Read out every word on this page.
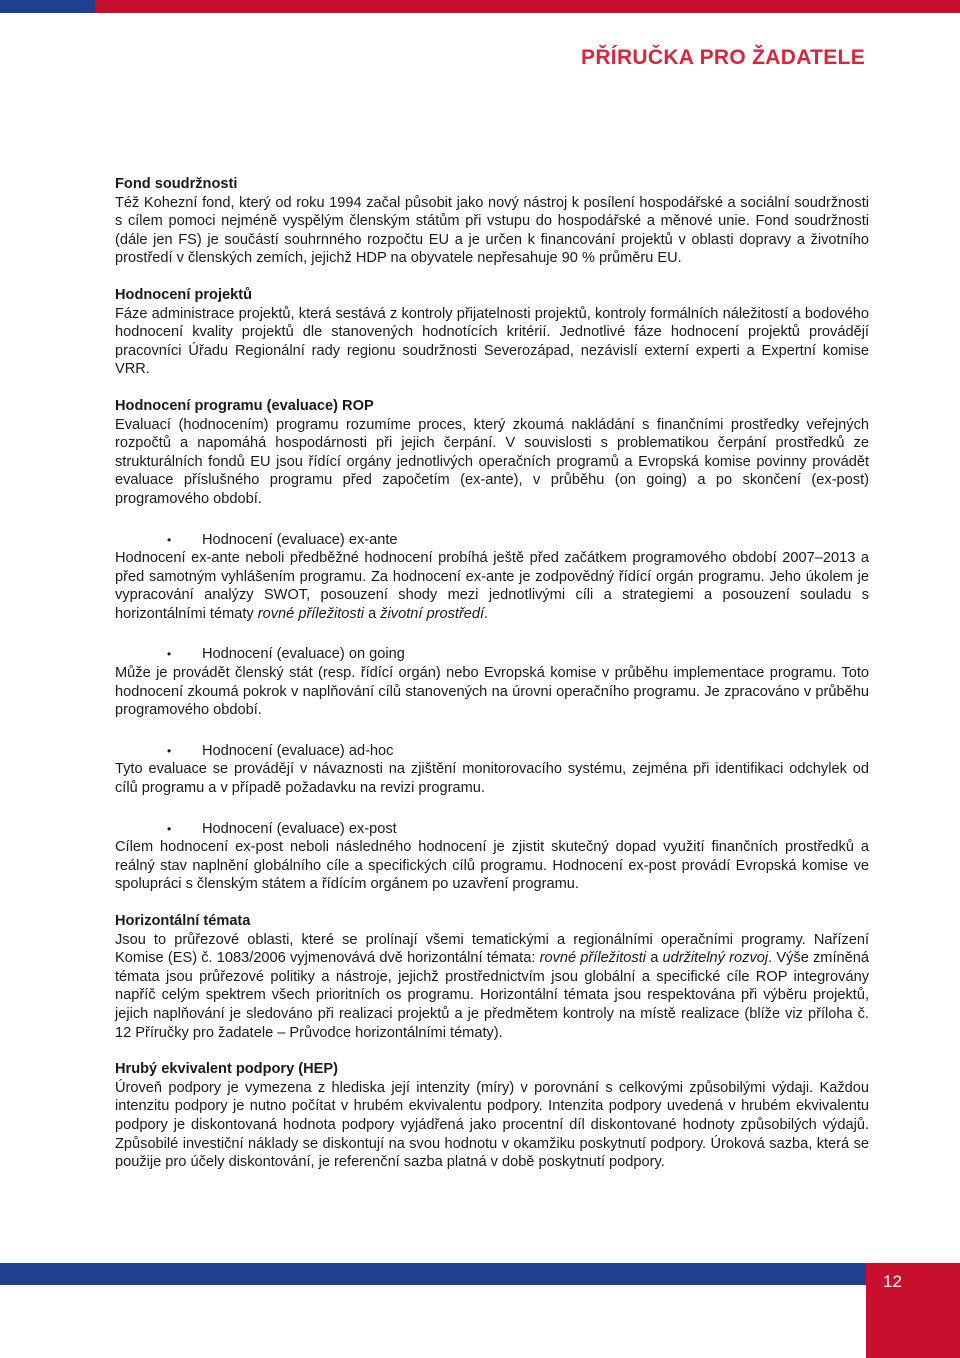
PŘÍRUČKA PRO ŽADATELE

Fond soudržnosti
Též Kohezní fond, který od roku 1994 začal působit jako nový nástroj k posílení hospodářské a sociální soudržnosti s cílem pomoci nejméně vyspělým členským státům při vstupu do hospodářské a měnové unie. Fond soudržnosti (dále jen FS) je součástí souhrnného rozpočtu EU a je určen k financování projektů v oblasti dopravy a životního prostředí v členských zemích, jejichž HDP na obyvatele nepřesahuje 90 % průměru EU.

Hodnocení projektů
Fáze administrace projektů, která sestává z kontroly přijatelnosti projektů, kontroly formálních náležitostí a bodového hodnocení kvality projektů dle stanovených hodnotících kritérií. Jednotlivé fáze hodnocení projektů provádějí pracovníci Úřadu Regionální rady regionu soudržnosti Severozápad, nezávislí externí experti a Expertní komise VRR.

Hodnocení programu (evaluace) ROP
Evaluací (hodnocením) programu rozumíme proces, který zkoumá nakládání s finančními prostředky veřejných rozpočtů a napomáhá hospodárnosti při jejich čerpání. V souvislosti s problematikou čerpání prostředků ze strukturálních fondů EU jsou řídící orgány jednotlivých operačních programů a Evropská komise povinny provádět evaluace příslušného programu před započetím (ex-ante), v průběhu (on going) a po skončení (ex-post) programového období.

•	Hodnocení (evaluace) ex-ante

Hodnocení ex-ante neboli předběžné hodnocení probíhá ještě před začátkem programového období 2007–2013 a před samotným vyhlášením programu. Za hodnocení ex-ante je zodpovědný řídící orgán programu. Jeho úkolem je vypracování analýzy SWOT, posouzení shody mezi jednotlivými cíli a strategiemi a posouzení souladu s horizontálními tématy rovné příležitosti a životní prostředí.

•	Hodnocení (evaluace) on going

Může je provádět členský stát (resp. řídící orgán) nebo Evropská komise v průběhu implementace programu. Toto hodnocení zkoumá pokrok v naplňování cílů stanovených na úrovni operačního programu. Je zpracováno v průběhu programového období.

•	Hodnocení (evaluace) ad-hoc

Tyto evaluace se provádějí v návaznosti na zjištění monitorovacího systému, zejména při identifikaci odchylek od cílů programu a v případě požadavku na revizi programu.

•	Hodnocení (evaluace) ex-post

Cílem hodnocení ex-post neboli následného hodnocení je zjistit skutečný dopad využití finančních prostředků a reálný stav naplnění globálního cíle a specifických cílů programu. Hodnocení ex-post provádí Evropská komise ve spolupráci s členským státem a řídícím orgánem po uzavření programu.

Horizontální témata
Jsou to průřezové oblasti, které se prolínají všemi tematickými a regionálními operačními programy. Nařízení Komise (ES) č. 1083/2006 vyjmenovává dvě horizontální témata: rovné příležitosti a udržitelný rozvoj. Výše zmíněná témata jsou průřezové politiky a nástroje, jejichž prostřednictvím jsou globální a specifické cíle ROP integrovány napříč celým spektrem všech prioritních os programu. Horizontální témata jsou respektována při výběru projektů, jejich naplňování je sledováno při realizaci projektů a je předmětem kontroly na místě realizace (blíže viz příloha č. 12 Příručky pro žadatele – Průvodce horizontálními tématy).

Hrubý ekvivalent podpory (HEP)
Úroveň podpory je vymezena z hlediska její intenzity (míry) v porovnání s celkovými způsobilými výdaji. Každou intenzitu podpory je nutno počítat v hrubém ekvivalentu podpory. Intenzita podpory uvedená v hrubém ekvivalentu podpory je diskontovaná hodnota podpory vyjádřená jako procentní díl diskontované hodnoty způsobilých výdajů. Způsobilé investiční náklady se diskontují na svou hodnotu v okamžiku poskytnutí podpory. Úroková sazba, která se použije pro účely diskontování, je referenční sazba platná v době poskytnutí podpory.

12
